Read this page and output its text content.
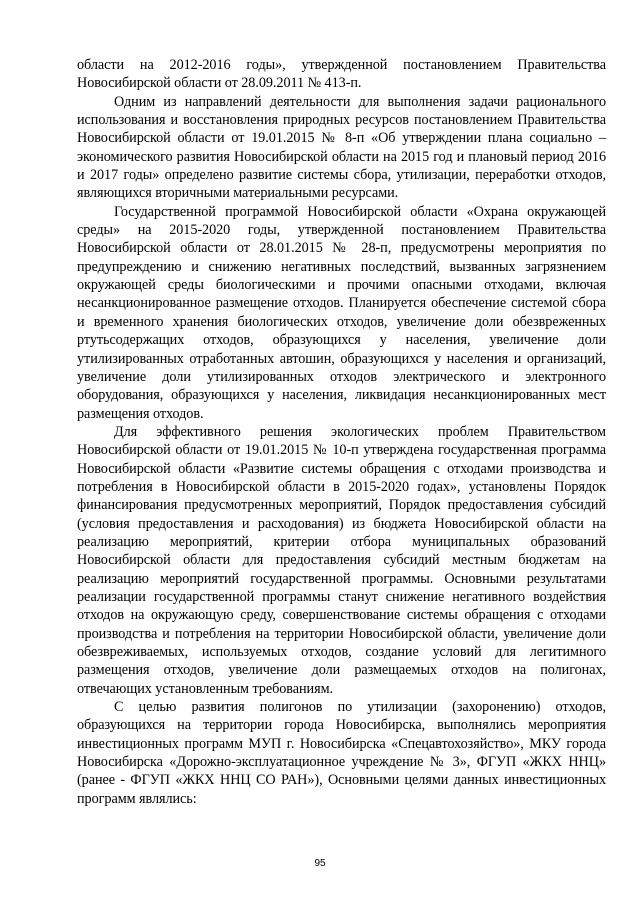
области на 2012-2016 годы», утвержденной постановлением Правительства Новосибирской области от 28.09.2011 № 413-п.

Одним из направлений деятельности для выполнения задачи рационального использования и восстановления природных ресурсов постановлением Правительства Новосибирской области от 19.01.2015 № 8-п «Об утверждении плана социально – экономического развития Новосибирской области на 2015 год и плановый период 2016 и 2017 годы» определено развитие системы сбора, утилизации, переработки отходов, являющихся вторичными материальными ресурсами.

Государственной программой Новосибирской области «Охрана окружающей среды» на 2015-2020 годы, утвержденной постановлением Правительства Новосибирской области от 28.01.2015 № 28-п, предусмотрены мероприятия по предупреждению и снижению негативных последствий, вызванных загрязнением окружающей среды биологическими и прочими опасными отходами, включая несанкционированное размещение отходов. Планируется обеспечение системой сбора и временного хранения биологических отходов, увеличение доли обезвреженных ртутьсодержащих отходов, образующихся у населения, увеличение доли утилизированных отработанных автошин, образующихся у населения и организаций, увеличение доли утилизированных отходов электрического и электронного оборудования, образующихся у населения, ликвидация несанкционированных мест размещения отходов.

Для эффективного решения экологических проблем Правительством Новосибирской области от 19.01.2015 № 10-п утверждена государственная программа Новосибирской области «Развитие системы обращения с отходами производства и потребления в Новосибирской области в 2015-2020 годах», установлены Порядок финансирования предусмотренных мероприятий, Порядок предоставления субсидий (условия предоставления и расходования) из бюджета Новосибирской области на реализацию мероприятий, критерии отбора муниципальных образований Новосибирской области для предоставления субсидий местным бюджетам на реализацию мероприятий государственной программы. Основными результатами реализации государственной программы станут снижение негативного воздействия отходов на окружающую среду, совершенствование системы обращения с отходами производства и потребления на территории Новосибирской области, увеличение доли обезвреживаемых, используемых отходов, создание условий для легитимного размещения отходов, увеличение доли размещаемых отходов на полигонах, отвечающих установленным требованиям.

С целью развития полигонов по утилизации (захоронению) отходов, образующихся на территории города Новосибирска, выполнялись мероприятия инвестиционных программ МУП г. Новосибирска «Спецавтохозяйство», МКУ города Новосибирска «Дорожно-эксплуатационное учреждение № 3», ФГУП «ЖКХ ННЦ» (ранее - ФГУП «ЖКХ ННЦ СО РАН»), Основными целями данных инвестиционных программ являлись:

95
